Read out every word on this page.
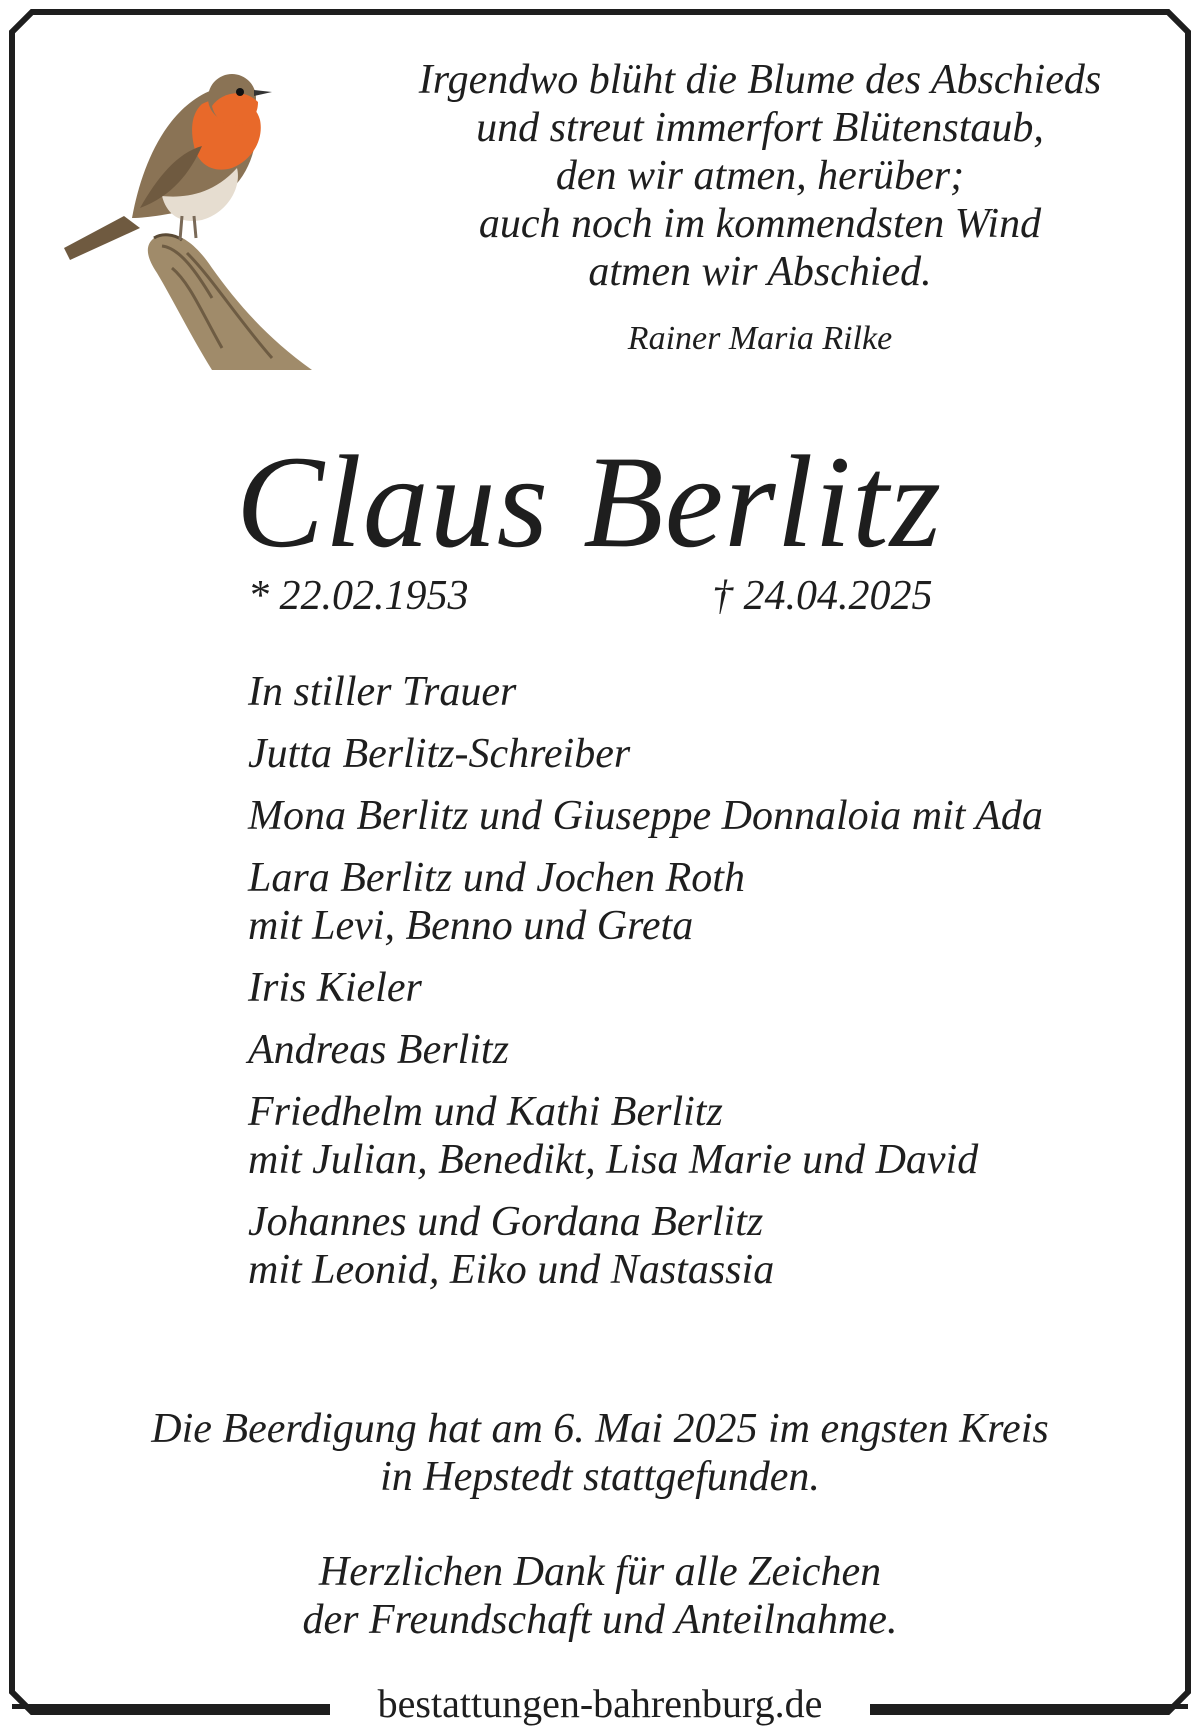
Irgendwo blüht die Blume des Abschieds
und streut immerfort Blütenstaub,
den wir atmen, herüber;
auch noch im kommendsten Wind
atmen wir Abschied.
Rainer Maria Rilke
Claus Berlitz
* 22.02.1953	† 24.04.2025
In stiller Trauer
Jutta Berlitz-Schreiber
Mona Berlitz und Giuseppe Donnaloia mit Ada
Lara Berlitz und Jochen Roth
mit Levi, Benno und Greta
Iris Kieler
Andreas Berlitz
Friedhelm und Kathi Berlitz
mit Julian, Benedikt, Lisa Marie und David
Johannes und Gordana Berlitz
mit Leonid, Eiko und Nastassia
Die Beerdigung hat am 6. Mai 2025 im engsten Kreis
in Hepstedt stattgefunden.
Herzlichen Dank für alle Zeichen
der Freundschaft und Anteilnahme.
bestattungen-bahrenburg.de
